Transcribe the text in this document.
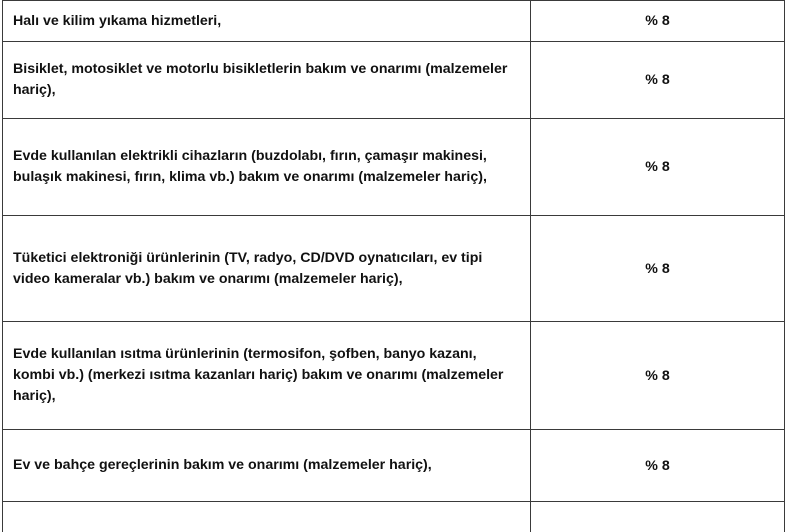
Halı ve kilim yıkama hizmetleri,	% 8
Bisiklet, motosiklet ve motorlu bisikletlerin bakım ve onarımı (malzemeler hariç),
% 8
Evde kullanılan elektrikli cihazların (buzdolabı, fırın, çamaşır makinesi, bulaşık makinesi, fırın, klima vb.) bakım ve onarımı (malzemeler hariç),
% 8
Tüketici elektroniği ürünlerinin (TV, radyo, CD/DVD oynatıcıları, ev tipi video kameralar vb.) bakım ve onarımı (malzemeler hariç),
% 8
Evde kullanılan ısıtma ürünlerinin (termosifon, şofben, banyo kazanı, kombi vb.) (merkezi ısıtma kazanları hariç) bakım ve onarımı (malzemeler hariç),
% 8
Ev ve bahçe gereçlerinin bakım ve onarımı (malzemeler hariç),	% 8
